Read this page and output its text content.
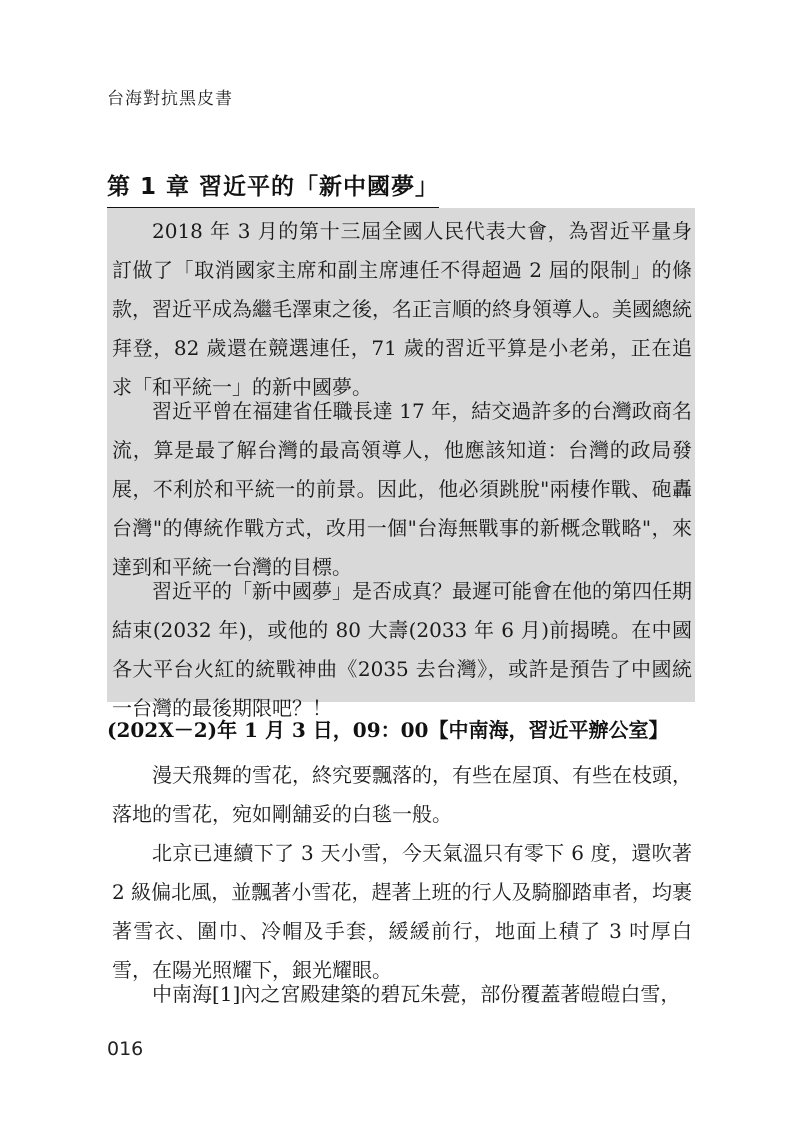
台海對抗黑皮書
第 1 章 習近平的「新中國夢」

2018 年 3 月的第十三屆全國人民代表大會，為習近平量身訂做了「取消國家主席和副主席連任不得超過 2 屆的限制」的條款，習近平成為繼毛澤東之後，名正言順的終身領導人。美國總統拜登，82 歲還在競選連任，71 歲的習近平算是小老弟，正在追求「和平統一」的新中國夢。

習近平曾在福建省任職長達 17 年，結交過許多的台灣政商名流，算是最了解台灣的最高領導人，他應該知道：台灣的政局發展，不利於和平統一的前景。因此，他必須跳脫"兩棲作戰、砲轟台灣"的傳統作戰方式，改用一個"台海無戰事的新概念戰略"，來達到和平統一台灣的目標。

習近平的「新中國夢」是否成真？最遲可能會在他的第四任期結束(2032 年)，或他的 80 大壽(2033 年 6 月)前揭曉。在中國各大平台火紅的統戰神曲《2035 去台灣》，或許是預告了中國統一台灣的最後期限吧？！

(202X－2)年 1 月 3 日，09：00【中南海，習近平辦公室】

漫天飛舞的雪花，終究要飄落的，有些在屋頂、有些在枝頭，落地的雪花，宛如剛舖妥的白毯一般。

北京已連續下了 3 天小雪，今天氣溫只有零下 6 度，還吹著 2 級偏北風，並飄著小雪花，趕著上班的行人及騎腳踏車者，均裹著雪衣、圍巾、冷帽及手套，緩緩前行，地面上積了 3 吋厚白雪，在陽光照耀下，銀光耀眼。

中南海[1]內之宮殿建築的碧瓦朱甍，部份覆蓋著皚皚白雪，

016
